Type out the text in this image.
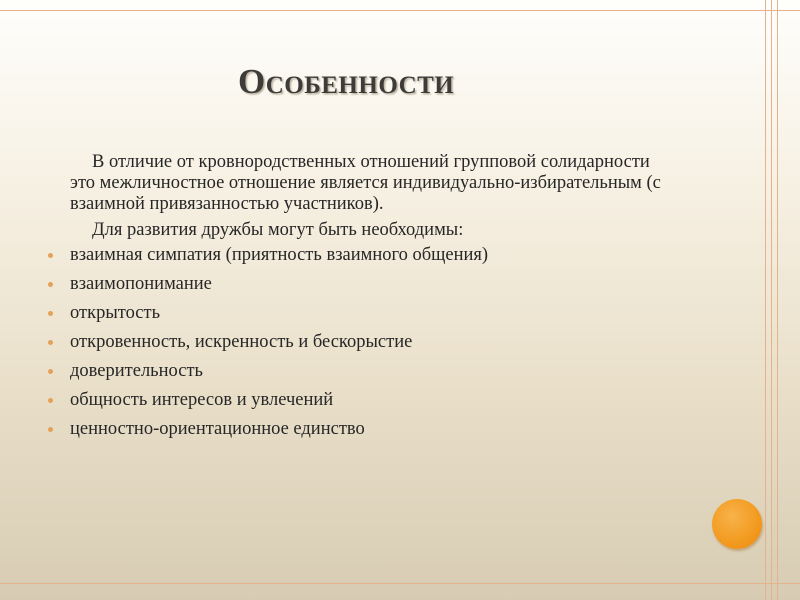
Особенности

В отличие от кровнородственных отношений групповой солидарности это межличностное отношение является индивидуально-избирательным (с взаимной привязанностью участников).

Для развития дружбы могут быть необходимы:

взаимная симпатия (приятность взаимного общения)
взаимопонимание
открытость
откровенность, искренность и бескорыстие
доверительность
общность интересов и увлечений
ценностно-ориентационное единство
